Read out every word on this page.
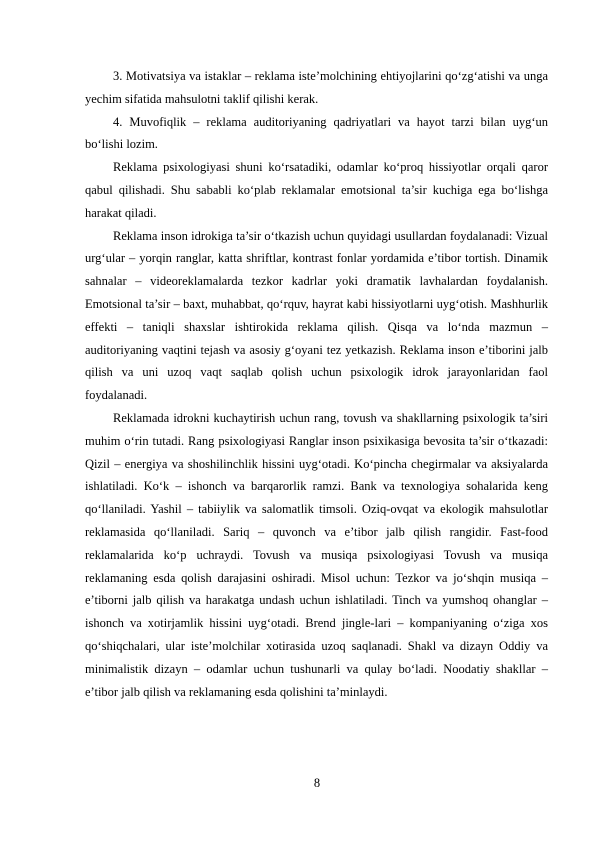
3. Motivatsiya va istaklar – reklama iste’molchining ehtiyojlarini qo‘zg‘atishi va unga yechim sifatida mahsulotni taklif qilishi kerak.

4. Muvofiqlik – reklama auditoriyaning qadriyatlari va hayot tarzi bilan uyg‘un bo‘lishi lozim.

Reklama psixologiyasi shuni ko‘rsatadiki, odamlar ko‘proq hissiyotlar orqali qaror qabul qilishadi. Shu sababli ko‘plab reklamalar emotsional ta’sir kuchiga ega bo‘lishga harakat qiladi.

Reklama inson idrokiga ta’sir o‘tkazish uchun quyidagi usullardan foydalanadi: Vizual urg‘ular – yorqin ranglar, katta shriftlar, kontrast fonlar yordamida e’tibor tortish. Dinamik sahnalar – videoreklamalarda tezkor kadrlar yoki dramatik lavhalardan foydalanish. Emotsional ta’sir – baxt, muhabbat, qo‘rquv, hayrat kabi hissiyotlarni uyg‘otish. Mashhurlik effekti – taniqli shaxslar ishtirokida reklama qilish. Qisqa va lo‘nda mazmun – auditoriyaning vaqtini tejash va asosiy g‘oyani tez yetkazish. Reklama inson e’tiborini jalb qilish va uni uzoq vaqt saqlab qolish uchun psixologik idrok jarayonlaridan faol foydalanadi.

Reklamada idrokni kuchaytirish uchun rang, tovush va shakllarning psixologik ta’siri muhim o‘rin tutadi. Rang psixologiyasi Ranglar inson psixikasiga bevosita ta’sir o‘tkazadi: Qizil – energiya va shoshilinchlik hissini uyg‘otadi. Ko‘pincha chegirmalar va aksiyalarda ishlatiladi. Ko‘k – ishonch va barqarorlik ramzi. Bank va texnologiya sohalarida keng qo‘llaniladi. Yashil – tabiiylik va salomatlik timsoli. Oziq-ovqat va ekologik mahsulotlar reklamasida qo‘llaniladi. Sariq – quvonch va e’tibor jalb qilish rangidir. Fast-food reklamalarida ko‘p uchraydi. Tovush va musiqa psixologiyasi Tovush va musiqa reklamaning esda qolish darajasini oshiradi. Misol uchun: Tezkor va jo‘shqin musiqa – e’tiborni jalb qilish va harakatga undash uchun ishlatiladi. Tinch va yumshoq ohanglar – ishonch va xotirjamlik hissini uyg‘otadi. Brend jingle-lari – kompaniyaning o‘ziga xos qo‘shiqchalari, ular iste’molchilar xotirasida uzoq saqlanadi. Shakl va dizayn Oddiy va minimalistik dizayn – odamlar uchun tushunarli va qulay bo‘ladi. Noodatiy shakllar – e’tibor jalb qilish va reklamaning esda qolishini ta’minlaydi.

8
